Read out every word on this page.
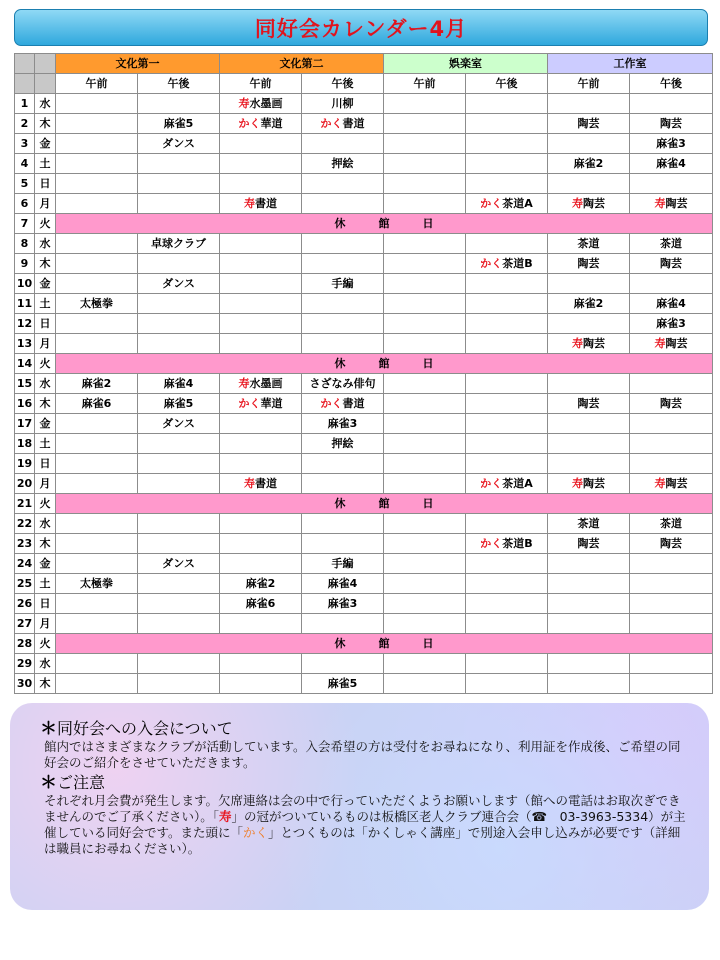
同好会カレンダー4月
		文化第一		文化第二		娯楽室		工作室	
		午前	午後	午前	午後	午前	午後	午前	午後
1	水			寿水墨画	川柳				
2	木		麻雀5	かく華道	かく書道			陶芸	陶芸
3	金		ダンス						麻雀3
4	土				押絵			麻雀2	麻雀4
5	日								
6	月			寿書道			かく茶道A	寿陶芸	寿陶芸
7	火	休　　　館　　　日							
8	水		卓球クラブ					茶道	茶道
9	木						かく茶道B	陶芸	陶芸
10	金		ダンス		手編				
11	土	太極拳						麻雀2	麻雀4
12	日								麻雀3
13	月							寿陶芸	寿陶芸
14	火	休　　　館　　　日							
15	水	麻雀2	麻雀4	寿水墨画	さざなみ俳句				
16	木	麻雀6	麻雀5	かく華道	かく書道			陶芸	陶芸
17	金		ダンス		麻雀3				
18	土				押絵				
19	日								
20	月			寿書道			かく茶道A	寿陶芸	寿陶芸
21	火	休　　　館　　　日							
22	水							茶道	茶道
23	木						かく茶道B	陶芸	陶芸
24	金		ダンス		手編				
25	土	太極拳		麻雀2	麻雀4				
26	日			麻雀6	麻雀3				
27	月								
28	火	休　　　館　　　日							
29	水								
30	木				麻雀5				

＊同好会への入会について

館内ではさまざまなクラブが活動しています。入会希望の方は受付をお尋ねになり、利用証を作成後、ご希望の同好会のご紹介をさせていただきます。

＊ご注意

それぞれ月会費が発生します。欠席連絡は会の中で行っていただくようお願いします（館への電話はお取次ぎできませんのでご了承ください）。「寿」の冠がついているものは板橋区老人クラブ連合会（☎　03-3963-5334）が主催している同好会です。また頭に「かく」とつくものは「かくしゃく講座」で別途入会申し込みが必要です（詳細は職員にお尋ねください）。
